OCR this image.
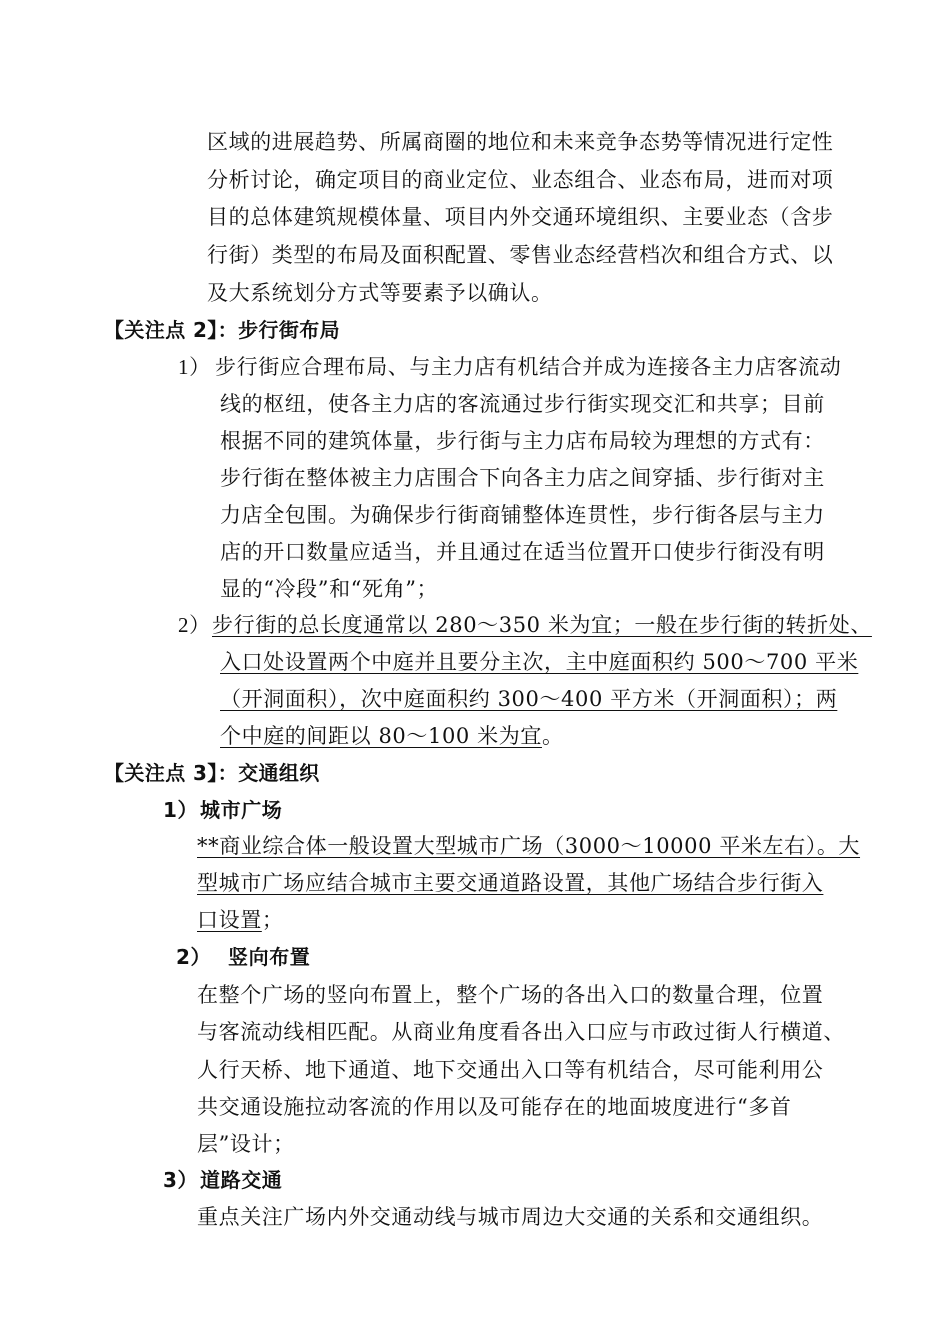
区域的进展趋势、所属商圈的地位和未来竞争态势等情况进行定性
分析讨论，确定项目的商业定位、业态组合、业态布局，进而对项
目的总体建筑规模体量、项目内外交通环境组织、主要业态（含步
行街）类型的布局及面积配置、零售业态经营档次和组合方式、以
及大系统划分方式等要素予以确认。
【关注点 2】：步行街布局
1） 步行街应合理布局、与主力店有机结合并成为连接各主力店客流动
线的枢纽，使各主力店的客流通过步行街实现交汇和共享；目前
根据不同的建筑体量，步行街与主力店布局较为理想的方式有：
步行街在整体被主力店围合下向各主力店之间穿插、步行街对主
力店全包围。为确保步行街商铺整体连贯性，步行街各层与主力
店的开口数量应适当，并且通过在适当位置开口使步行街没有明
显的“冷段”和“死角”；
2） 步行街的总长度通常以 280～350 米为宜；一般在步行街的转折处、
入口处设置两个中庭并且要分主次，主中庭面积约 500～700 平米
（开洞面积），次中庭面积约 300～400 平方米（开洞面积）；两
个中庭的间距以 80～100 米为宜。
【关注点 3】：交通组织
1） 城市广场
**商业综合体一般设置大型城市广场（3000～10000 平米左右）。大
型城市广场应结合城市主要交通道路设置，其他广场结合步行街入
口设置；
2） 竖向布置
在整个广场的竖向布置上，整个广场的各出入口的数量合理，位置
与客流动线相匹配。从商业角度看各出入口应与市政过街人行横道、
人行天桥、地下通道、地下交通出入口等有机结合，尽可能利用公
共交通设施拉动客流的作用以及可能存在的地面坡度进行“多首
层”设计；
3） 道路交通
重点关注广场内外交通动线与城市周边大交通的关系和交通组织。
